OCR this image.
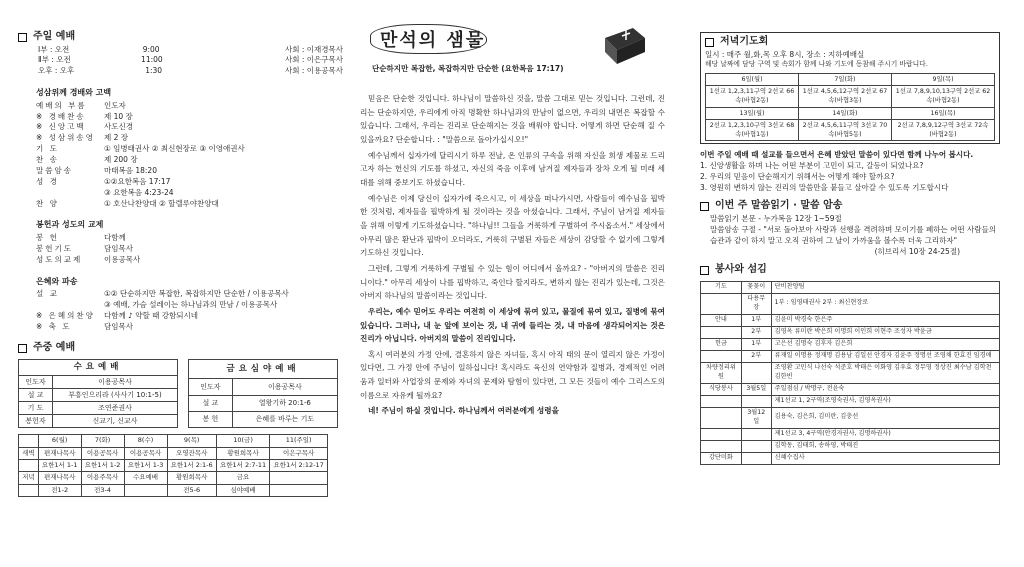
주일 예배
Ⅰ부 : 오전	9:00	사회 : 이재경목사
Ⅱ부 : 오전	11:00	사회 : 이은구목사
오후 : 오후	1:30	사회 : 이용공목사
성삼위께 경배와 고백
예배의 부름	인도자
※ 경배찬송	제 10 장
※ 신앙고백	사도신경
※ 성삼위송영	제 2 장
기 도	① 임병태권사 ② 최신현장로 ③ 이영애권사
찬 송	제 200 장
말씀암송	마태복음 18:20
성 경	①②요한복음 17:17
③ 요한복음 4:23-24
찬 양	① 호산나찬양대 ② 할렐루야찬양대
봉헌과 성도의 교제
봉 헌	다함께
봉헌기도	담임목사
성도의교제	이용공목사
은혜와 파송
설 교	①② 단순하지만 복잡한, 복잡하지만 단순한 / 이용공목사
③ 예배, 가슴 설레이는 하나님과의 만남 / 이용공목사
※ 은혜의찬양	다함께 ♪ 약할 때 강함되시네
※ 축 도	담임목사
주중 예배
수요예배	
인도자	이용공목사
설 교	부흥인으리라 (사사기 10:1-5)
기 도	조연준권사
봉헌자	신교기, 신교사
금요심야예배	
인도자	이용공목사
설 교	열왕기하 20:1-6
봉 헌	은혜를 바루는 기도
	6(월)	7(화)	8(수)	9(목)	10(금)	11(주일)
새벽	편재나목사	이용공목사	이용공목사	오영잔목사	황원희목사	이은구목사
	요한1서 1-1	요한1서 1-2	요한1서 1-3	요한1서 2:1-6	요한1서 2:7-11	요한1서 2:12-17
저녁	편재나목사	이용주목사	수요예배	황원희목사	금요	
	전1-2	전3-4		전5-6	심야예배	
만석의 샘물
단순하지만 복잡한, 복잡하지만 단순한 (요한복음 17:17)

믿음은 단순한 것입니다. 하나님이 말씀하신 것을, 말씀 그대로 믿는 것입니다. 그런데, 진리는 단순하지만, 우리에게 아직 명확한 하나님과의 만남이 없으면, 우리의 내면은 복잡할 수 있습니다. 그래서, 우리는 진리로 단순해지는 것을 배워야 합니다. 어떻게 하면 단순해 질 수 있을까요? 단순합니다. : "말씀으로 돌아가십시오!"

예수님께서 십자가에 달리시기 하루 전날, 온 인류의 구속을 위해 자신을 희생 제물로 드리고자 하는 헌신의 기도를 하셨고, 자신의 죽음 이후에 남겨질 제자들과 장차 오게 될 미래 세대를 위해 중보기도 하셨습니다.

예수님은 이제 당신이 십자가에 죽으시고, 이 세상을 떠나가시면, 사람들이 예수님을 핍박한 것처럼, 제자들을 핍박하게 될 것이라는 것을 아셨습니다. 그래서, 주님이 남겨질 제자들을 위해 이렇게 기도하셨습니다. "하나님!! 그들을 거룩하게 구별하여 주시옵소서." 세상에서 아무리 많은 환난과 핍박이 오더라도, 거룩히 구별된 자들은 세상이 감당할 수 없기에 그렇게 기도하신 것입니다.

그런데, 그렇게 거룩하게 구별될 수 있는 힘이 어디에서 올까요? - "아버지의 말씀은 진리니이다." 아무리 세상이 나를 핍박하고, 죽인다 할지라도, 변하지 않는 진리가 있는데, 그것은 아버지 하나님의 말씀이라는 것입니다.

우리는, 예수 믿어도 우리는 여전히 이 세상에 묶여 있고, 물질에 묶여 있고, 질병에 묶여 있습니다. 그러나, 내 눈 앞에 보이는 것, 내 귀에 들리는 것, 내 마음에 생각되어지는 것은 진리가 아닙니다. 아버지의 말씀이 진리입니다.

혹시 여러분의 가정 안에, 결혼하지 않은 자녀들, 혹시 아직 태의 문이 열리지 않은 가정이 있다면, 그 가정 안에 주님이 일하십니다! 혹시라도 육신의 연약함과 질병과, 경제적인 어려움과 일터와 사업장의 문제와 자녀의 문제와 탐험이 있다면, 그 모든 것들이 예수 그리스도의 이름으로 자유케 될까요?

네! 주님이 하실 것입니다. 하나님께서 여러분에게 성령을

저녁기도회
일시 : 매주 월,화,목 오후 8시, 장소 : 지하예배실
해당 날짜에 담당 구역 및 속회가 함께 나와 기도에 동참해 주시기 바랍니다.
6일(월)	7일(화)	9일(목)
1선교 1,2,3,11구역 2선교 66속(바협2동)	1선교 4,5,6,12구역 2선교 67속(바협3동)	1선교 7,8,9,10,13구역 2선교 62속(바협2동)
13일(월)	14일(화)	16일(목)
2선교 1,2,3,10구역 3선교 68속(바협1동)	2선교 4,5,6,11구역 3선교 70속(바협5동)	2선교 7,8,9,12구역 3선교 72속(바협2동)
이번 주일 예배 때 설교를 들으면서 은혜 받았던 말씀이 있다면 함께 나누어 봅시다.
1. 신앙생활을 하며 나는 어떤 부분이 고민이 되고, 갈등이 되었나요?
2. 우리의 믿음이 단순해지기 위해서는 어떻게 해야 할까요?
3. 영원히 변하지 않는 진리의 말씀만을 붙들고 살아갈 수 있도록 기도합시다
이번 주 말씀읽기 · 말씀 암송
말씀읽기 본문 - 누가복음 12장 1~59절
말씀암송 구절 - "서로 돌아보아 사랑과 선행을 격려하며 모이기를 폐하는 어떤 사람들의 습관과 같이 하지 말고 오직 권하여 그 날이 가까움을 볼수록 더욱 그리하자"
(히브리서 10장 24-25절)
봉사와 섬김
기도	꽃꽂이	단비찬양팀
	다용무장	1부 : 임영태권사 2부 : 최신현장로
안내	1부	김윤미 박경숙 한은주
	2부	김영옥 류미란 박은희 이명희 이인희 이현주 조성자 박윤금
헌금	1부	고은선 김명숙 김후자 김은희
	2부	류재일 이명용 정재명 김용남 김일선 안경자 김윤주 정명선 조영채 한효진 임경애
차량정리위원		조영환 고민식 나선숙 석준호 박태은 이화영 김우효 정무영 정상진 최수남 김학천 김한빈
식당봉사	3월5일	주일점심 / 박명구, 전윤숙
		제1선교 1, 2구역(조영숙권사, 김영옥권사)
	3월12일	김용숙, 김은희, 김미란, 김충선
		제1선교 3, 4구역(안경자권사, 김명하권사)
		김학동, 김태희, 송하영, 박태진
강단미화		신혜수집사
